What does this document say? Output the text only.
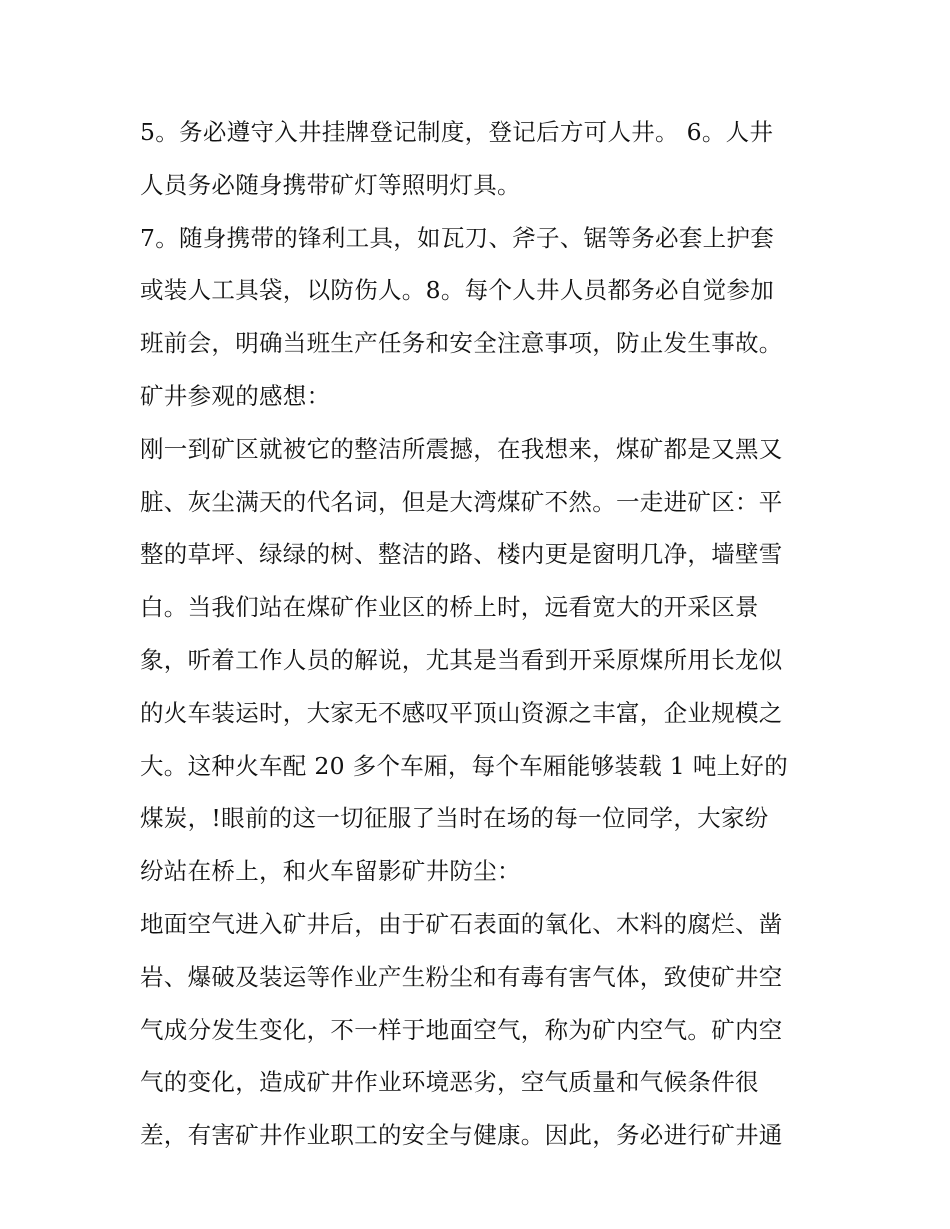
5。务必遵守入井挂牌登记制度，登记后方可人井。 6。人井
人员务必随身携带矿灯等照明灯具。
7。随身携带的锋利工具，如瓦刀、斧子、锯等务必套上护套
或装人工具袋，以防伤人。8。每个人井人员都务必自觉参加
班前会，明确当班生产任务和安全注意事项，防止发生事故。
矿井参观的感想：
刚一到矿区就被它的整洁所震撼，在我想来，煤矿都是又黑又
脏、灰尘满天的代名词，但是大湾煤矿不然。一走进矿区：平
整的草坪、绿绿的树、整洁的路、楼内更是窗明几净，墙壁雪
白。当我们站在煤矿作业区的桥上时，远看宽大的开采区景
象，听着工作人员的解说，尤其是当看到开采原煤所用长龙似
的火车装运时，大家无不感叹平顶山资源之丰富，企业规模之
大。这种火车配 20 多个车厢，每个车厢能够装载 1 吨上好的
煤炭，!眼前的这一切征服了当时在场的每一位同学，大家纷
纷站在桥上，和火车留影矿井防尘：
地面空气进入矿井后，由于矿石表面的氧化、木料的腐烂、凿
岩、爆破及装运等作业产生粉尘和有毒有害气体，致使矿井空
气成分发生变化，不一样于地面空气，称为矿内空气。矿内空
气的变化，造成矿井作业环境恶劣，空气质量和气候条件很
差，有害矿井作业职工的安全与健康。因此，务必进行矿井通
